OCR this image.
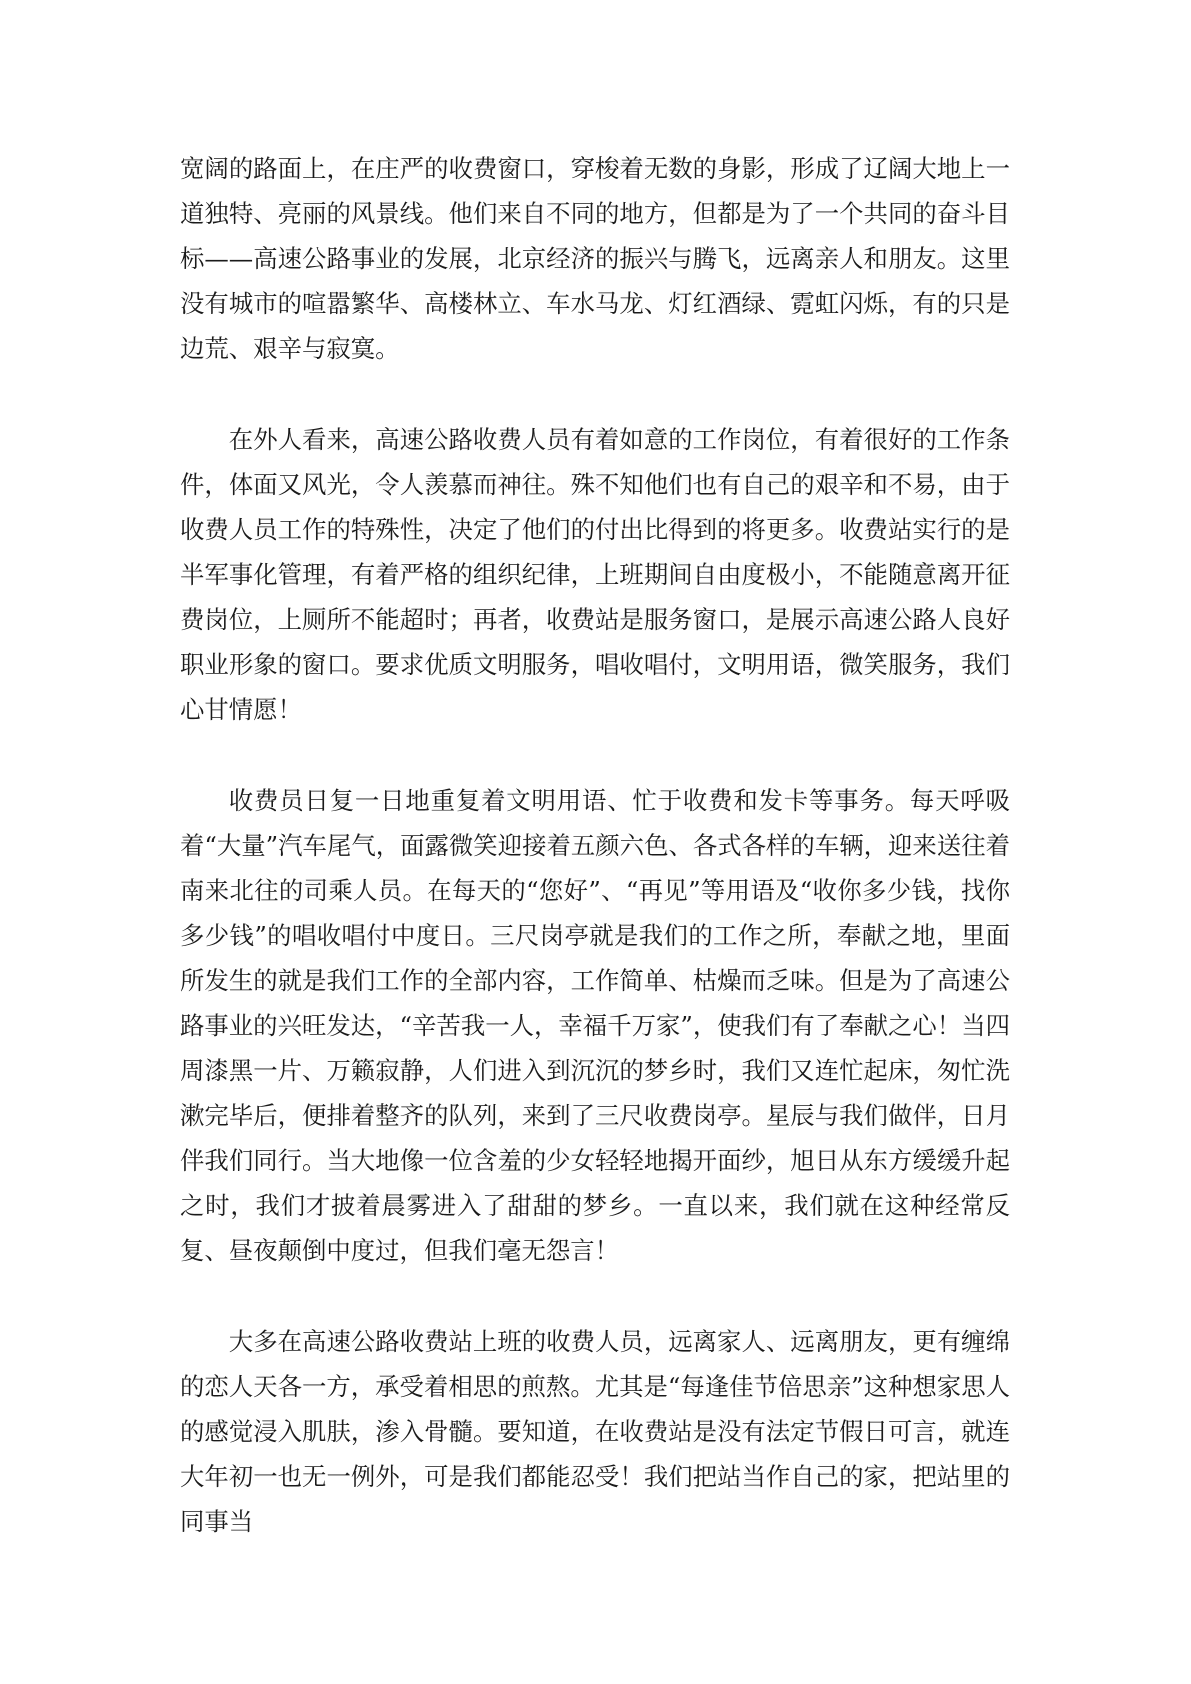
宽阔的路面上，在庄严的收费窗口，穿梭着无数的身影，形成了辽阔大地上一道独特、亮丽的风景线。他们来自不同的地方，但都是为了一个共同的奋斗目标——高速公路事业的发展，北京经济的振兴与腾飞，远离亲人和朋友。这里没有城市的喧嚣繁华、高楼林立、车水马龙、灯红酒绿、霓虹闪烁，有的只是边荒、艰辛与寂寞。

在外人看来，高速公路收费人员有着如意的工作岗位，有着很好的工作条件，体面又风光，令人羡慕而神往。殊不知他们也有自己的艰辛和不易，由于收费人员工作的特殊性，决定了他们的付出比得到的将更多。收费站实行的是半军事化管理，有着严格的组织纪律，上班期间自由度极小，不能随意离开征费岗位，上厕所不能超时；再者，收费站是服务窗口，是展示高速公路人良好职业形象的窗口。要求优质文明服务，唱收唱付，文明用语，微笑服务，我们心甘情愿！

收费员日复一日地重复着文明用语、忙于收费和发卡等事务。每天呼吸着“大量”汽车尾气，面露微笑迎接着五颜六色、各式各样的车辆，迎来送往着南来北往的司乘人员。在每天的“您好”、“再见”等用语及“收你多少钱，找你多少钱”的唱收唱付中度日。三尺岗亭就是我们的工作之所，奉献之地，里面所发生的就是我们工作的全部内容，工作简单、枯燥而乏味。但是为了高速公路事业的兴旺发达，“辛苦我一人，幸福千万家”，使我们有了奉献之心！当四周漆黑一片、万籁寂静，人们进入到沉沉的梦乡时，我们又连忙起床，匆忙洗漱完毕后，便排着整齐的队列，来到了三尺收费岗亭。星辰与我们做伴，日月伴我们同行。当大地像一位含羞的少女轻轻地揭开面纱，旭日从东方缓缓升起之时，我们才披着晨雾进入了甜甜的梦乡。一直以来，我们就在这种经常反复、昼夜颠倒中度过，但我们毫无怨言！

大多在高速公路收费站上班的收费人员，远离家人、远离朋友，更有缠绵的恋人天各一方，承受着相思的煎熬。尤其是“每逢佳节倍思亲”这种想家思人的感觉浸入肌肤，渗入骨髓。要知道，在收费站是没有法定节假日可言，就连大年初一也无一例外，可是我们都能忍受！我们把站当作自己的家，把站里的同事当
